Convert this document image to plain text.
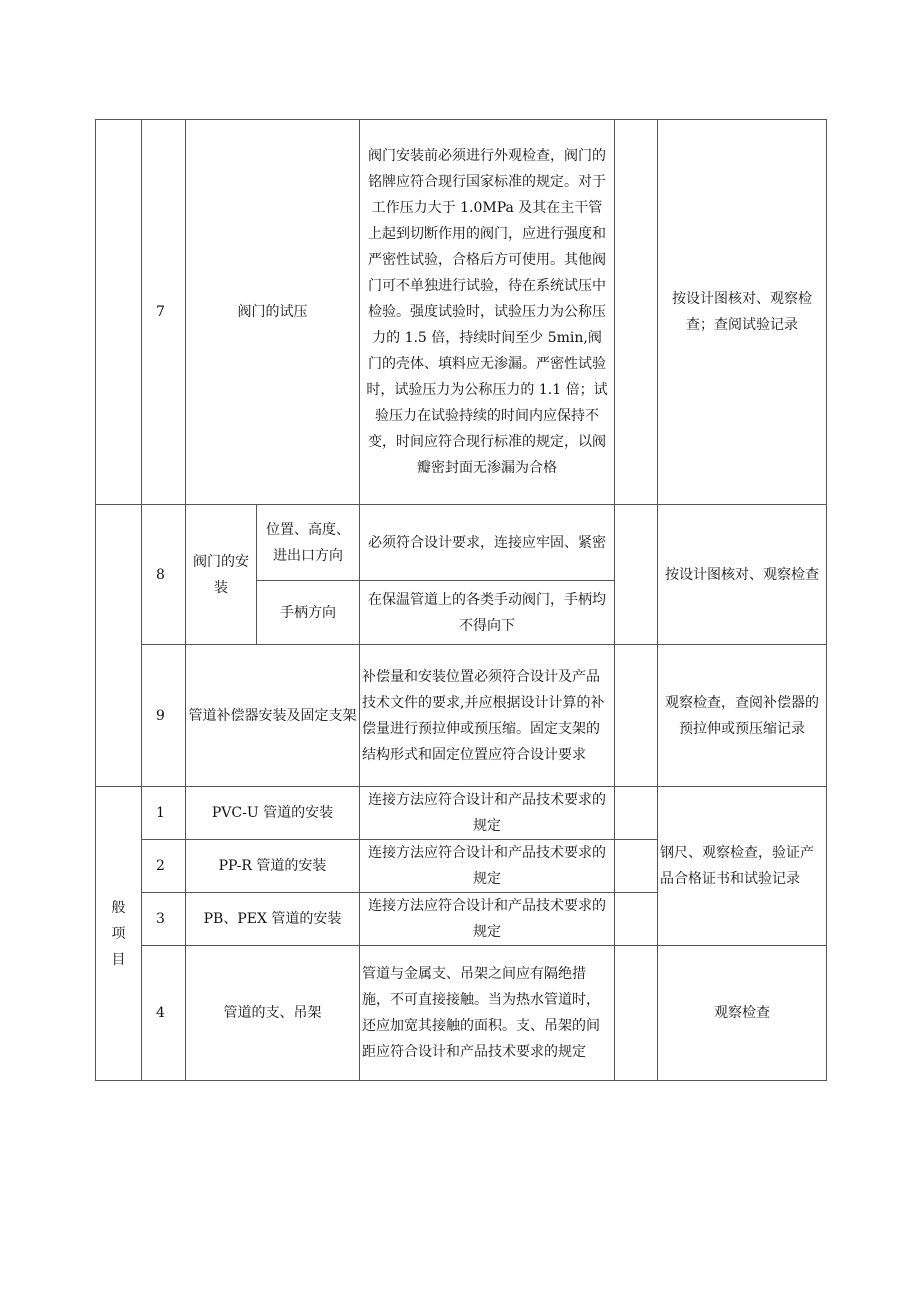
	7	阀门的试压		阀门安装前必须进行外观检查，阀门的铭牌应符合现行国家标准的规定。对于工作压力大于 1.0MPa 及其在主干管上起到切断作用的阀门，应进行强度和严密性试验，合格后方可使用。其他阀门可不单独进行试验，待在系统试压中检验。强度试验时，试验压力为公称压力的 1.5 倍，持续时间至少 5min,阀门的壳体、填料应无渗漏。严密性试验时，试验压力为公称压力的 1.1 倍；试验压力在试验持续的时间内应保持不变，时间应符合现行标准的规定，以阀瓣密封面无渗漏为合格		按设计图核对、观察检查；查阅试验记录
	8	阀门的安装	位置、高度、进出口方向	必须符合设计要求，连接应牢固、紧密		按设计图核对、观察检查
			手柄方向	在保温管道上的各类手动阀门，手柄均不得向下		
	9	管道补偿器安装及固定支架		补偿量和安装位置必须符合设计及产品技术文件的要求,并应根据设计计算的补偿量进行预拉伸或预压缩。固定支架的结构形式和固定位置应符合设计要求		观察检查，查阅补偿器的预拉伸或预压缩记录

般项目	1	PVC-U 管道的安装		连接方法应符合设计和产品技术要求的规定		钢尺、观察检查，验证产品合格证书和试验记录
	2	PP-R 管道的安装		连接方法应符合设计和产品技术要求的规定		
	3	PB、PEX 管道的安装		连接方法应符合设计和产品技术要求的规定		
	4	管道的支、吊架		管道与金属支、吊架之间应有隔绝措施，不可直接接触。当为热水管道时，还应加宽其接触的面积。支、吊架的间距应符合设计和产品技术要求的规定		观察检查
